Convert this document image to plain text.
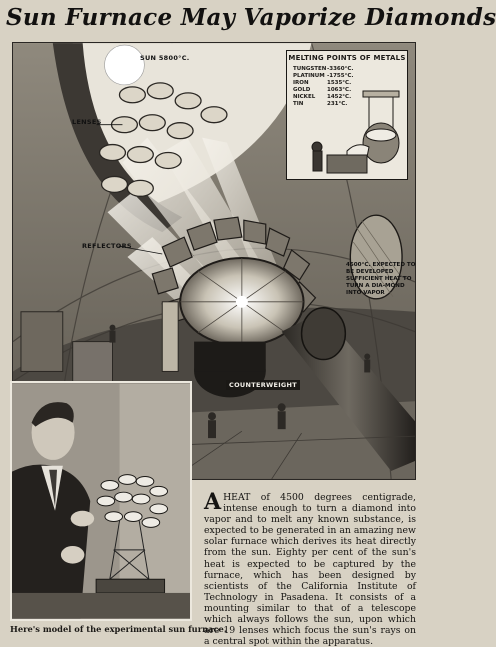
Sun Furnace May Vaporize Diamonds
SUN 5800°C.
LENSES
REFLECTORS
COUNTERWEIGHT
4500°C. EXPECTED TO BE DEVELOPED SUFFICIENT HEAT TO TURN A DIA-MOND INTO VAPOR
MELTING POINTS OF METALS
TUNGSTEN -3360°C.
PLATINUM -1755°C.
IRON	1535°C.
GOLD	1063°C.
NICKEL	1452°C.
TIN	231°C.
Here's model of the experimental sun furnace.
A HEAT of 4500 degrees centigrade, intense enough to turn a diamond into vapor and to melt any known substance, is expected to be generated in an amazing new solar furnace which derives its heat directly from the sun. Eighty per cent of the sun's heat is expected to be captured by the furnace, which has been designed by scientists of the California Institute of Technology in Pasadena. It consists of a mounting similar to that of a telescope which always follows the sun, upon which are 19 lenses which focus the sun's rays on a central spot within the apparatus.
